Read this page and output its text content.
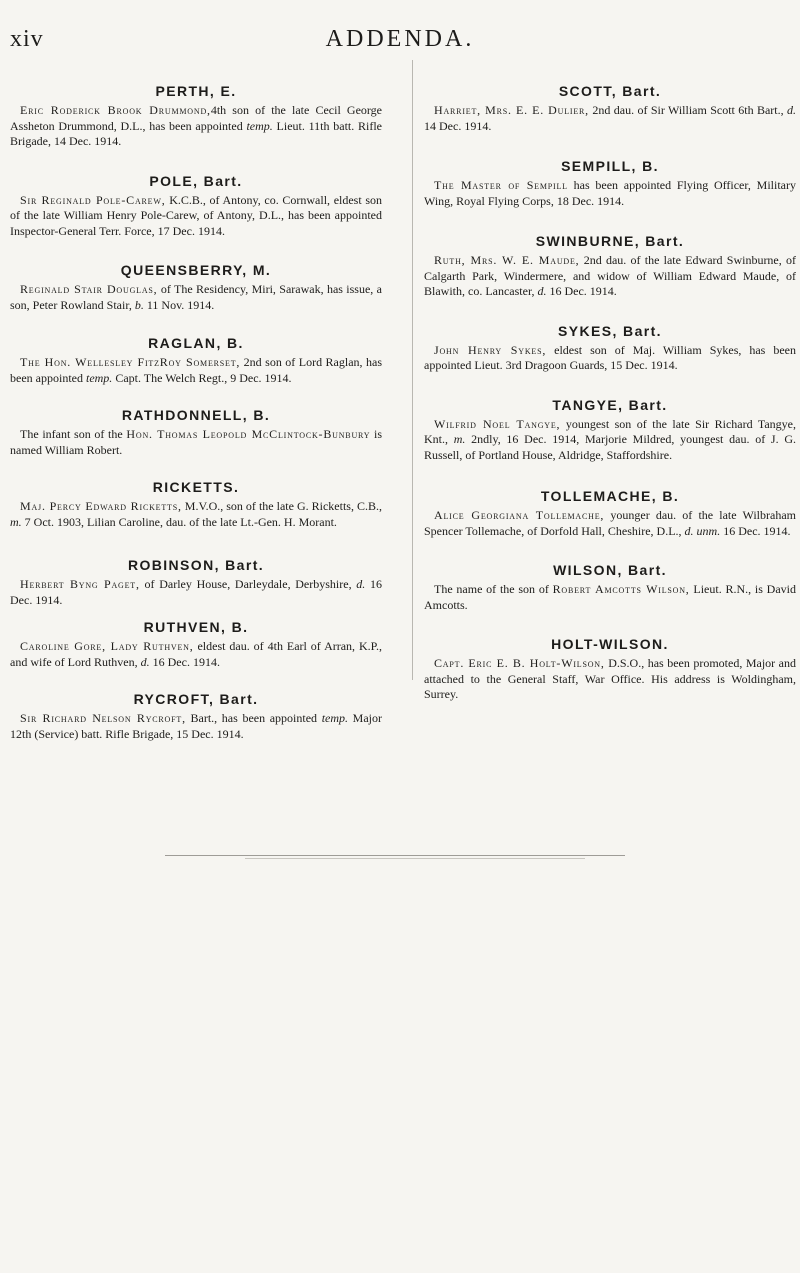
xiv	ADDENDA.
PERTH, E.

Eric Roderick Brook Drummond,4th son of the late Cecil George Assheton Drummond, D.L., has been appointed temp. Lieut. 11th batt. Rifle Brigade, 14 Dec. 1914.

POLE, Bart.

Sir Reginald Pole-Carew, K.C.B., of Antony, co. Cornwall, eldest son of the late William Henry Pole-Carew, of Antony, D.L., has been appointed Inspector-General Terr. Force, 17 Dec. 1914.

QUEENSBERRY, M.

Reginald Stair Douglas, of The Residency, Miri, Sarawak, has issue, a son, Peter Rowland Stair, b. 11 Nov. 1914.

RAGLAN, B.

The Hon. Wellesley FitzRoy Somerset, 2nd son of Lord Raglan, has been appointed temp. Capt. The Welch Regt., 9 Dec. 1914.

RATHDONNELL, B.

The infant son of the Hon. Thomas Leopold McClintock-Bunbury is named William Robert.

RICKETTS.

Maj. Percy Edward Ricketts, M.V.O., son of the late G. Ricketts, C.B., m. 7 Oct. 1903, Lilian Caroline, dau. of the late Lt.-Gen. H. Morant.

ROBINSON, Bart.

Herbert Byng Paget, of Darley House, Darleydale, Derbyshire, d. 16 Dec. 1914.

RUTHVEN, B.

Caroline Gore, Lady Ruthven, eldest dau. of 4th Earl of Arran, K.P., and wife of Lord Ruthven, d. 16 Dec. 1914.

RYCROFT, Bart.

Sir Richard Nelson Rycroft, Bart., has been appointed temp. Major 12th (Service) batt. Rifle Brigade, 15 Dec. 1914.

SCOTT, Bart.

Harriet, Mrs. E. E. Dulier, 2nd dau. of Sir William Scott 6th Bart., d. 14 Dec. 1914.

SEMPILL, B.

The Master of Sempill has been appointed Flying Officer, Military Wing, Royal Flying Corps, 18 Dec. 1914.

SWINBURNE, Bart.

Ruth, Mrs. W. E. Maude, 2nd dau. of the late Edward Swinburne, of Calgarth Park, Windermere, and widow of William Edward Maude, of Blawith, co. Lancaster, d. 16 Dec. 1914.

SYKES, Bart.

John Henry Sykes, eldest son of Maj. William Sykes, has been appointed Lieut. 3rd Dragoon Guards, 15 Dec. 1914.

TANGYE, Bart.

Wilfrid Noel Tangye, youngest son of the late Sir Richard Tangye, Knt., m. 2ndly, 16 Dec. 1914, Marjorie Mildred, youngest dau. of J. G. Russell, of Portland House, Aldridge, Staffordshire.

TOLLEMACHE, B.

Alice Georgiana Tollemache, younger dau. of the late Wilbraham Spencer Tollemache, of Dorfold Hall, Cheshire, D.L., d. unm. 16 Dec. 1914.

WILSON, Bart.

The name of the son of Robert Amcotts Wilson, Lieut. R.N., is David Amcotts.

HOLT-WILSON.

Capt. Eric E. B. Holt-Wilson, D.S.O., has been promoted, Major and attached to the General Staff, War Office. His address is Woldingham, Surrey.
